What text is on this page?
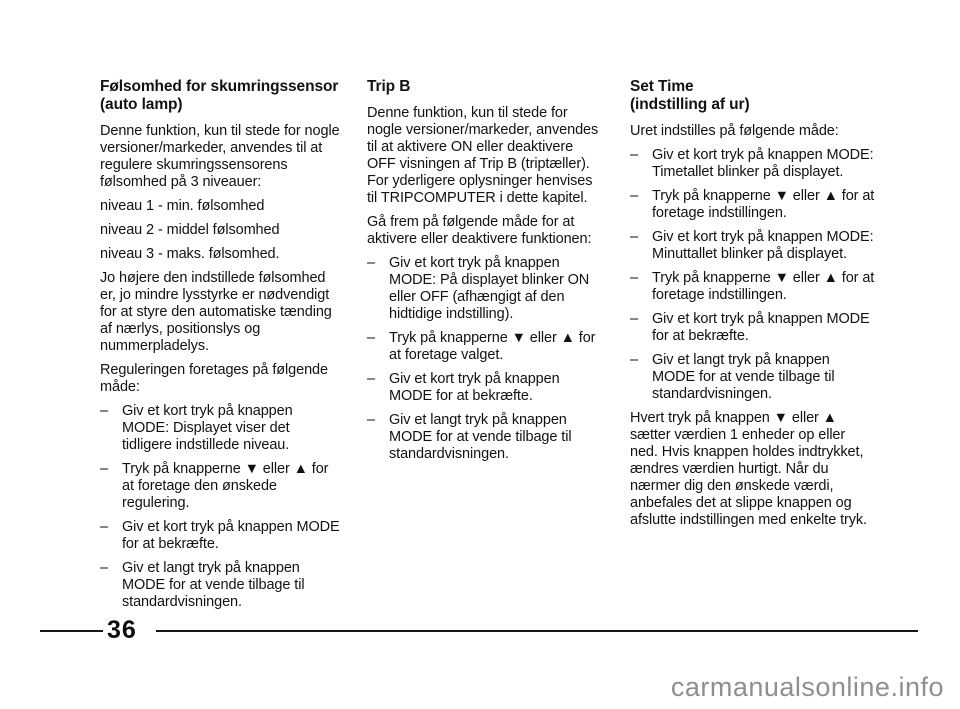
Følsomhed for skumringssensor
(auto lamp)

Denne funktion, kun til stede for nogle versioner/markeder, anvendes til at regulere skumringssensorens følsomhed på 3 niveauer:

niveau 1 - min. følsomhed

niveau 2 - middel følsomhed

niveau 3 - maks. følsomhed.

Jo højere den indstillede følsomhed er, jo mindre lysstyrke er nødvendigt for at styre den automatiske tænding af nærlys, positionslys og nummerpladelys.

Reguleringen foretages på følgende måde:

– Giv et kort tryk på knappen MODE: Displayet viser det tidligere indstillede niveau.
– Tryk på knapperne ▼ eller ▲ for at foretage den ønskede regulering.
– Giv et kort tryk på knappen MODE for at bekræfte.
– Giv et langt tryk på knappen MODE for at vende tilbage til standardvisningen.
Trip B

Denne funktion, kun til stede for nogle versioner/markeder, anvendes til at aktivere ON eller deaktivere OFF visningen af Trip B (triptæller). For yderligere oplysninger henvises til TRIPCOMPUTER i dette kapitel.

Gå frem på følgende måde for at aktivere eller deaktivere funktionen:

– Giv et kort tryk på knappen MODE: På displayet blinker ON eller OFF (afhængigt af den hidtidige indstilling).
– Tryk på knapperne ▼ eller ▲ for at foretage valget.
– Giv et kort tryk på knappen MODE for at bekræfte.
– Giv et langt tryk på knappen MODE for at vende tilbage til standardvisningen.
Set Time
(indstilling af ur)

Uret indstilles på følgende måde:

– Giv et kort tryk på knappen MODE: Timetallet blinker på displayet.
– Tryk på knapperne ▼ eller ▲ for at foretage indstillingen.
– Giv et kort tryk på knappen MODE: Minuttallet blinker på displayet.
– Tryk på knapperne ▼ eller ▲ for at foretage indstillingen.
– Giv et kort tryk på knappen MODE for at bekræfte.
– Giv et langt tryk på knappen MODE for at vende tilbage til standardvisningen.

Hvert tryk på knappen ▼ eller ▲ sætter værdien 1 enheder op eller ned. Hvis knappen holdes indtrykket, ændres værdien hurtigt. Når du nærmer dig den ønskede værdi, anbefales det at slippe knappen og afslutte indstillingen med enkelte tryk.

36
carmanualsonline.info
